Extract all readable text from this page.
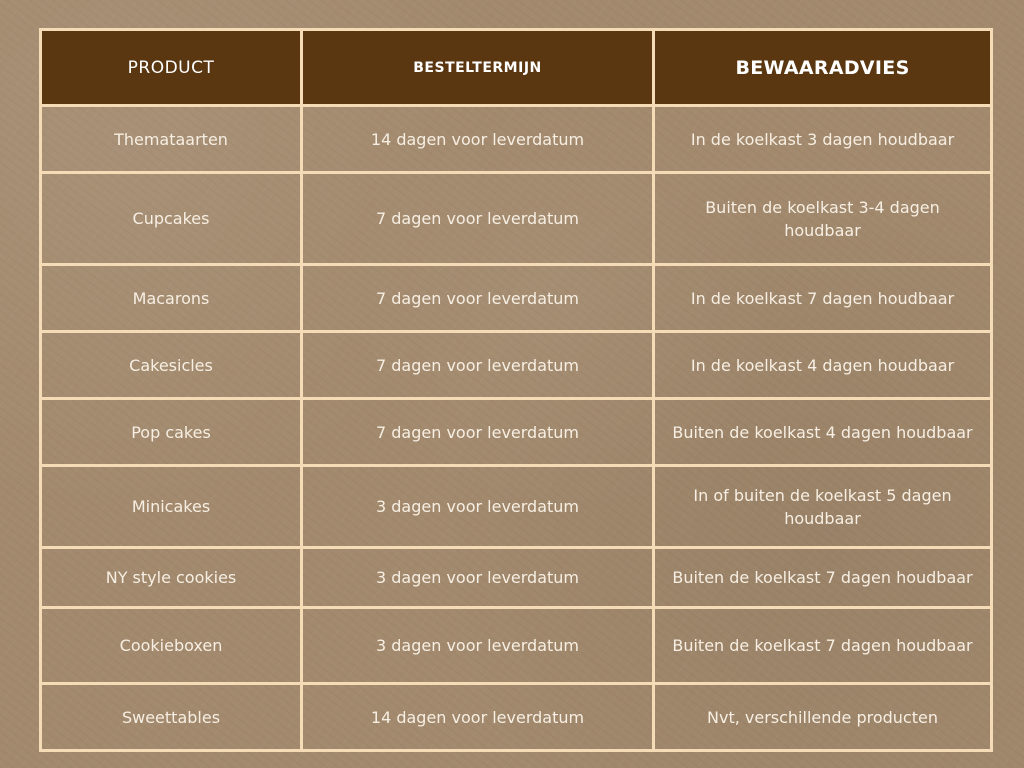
PRODUCT	BESTELTERMIJN	BEWAARADVIES
Themataarten	14 dagen voor leverdatum	In de koelkast 3 dagen houdbaar
Cupcakes	7 dagen voor leverdatum	Buiten de koelkast 3-4 dagen houdbaar
Macarons	7 dagen voor leverdatum	In de koelkast 7 dagen houdbaar
Cakesicles	7 dagen voor leverdatum	In de koelkast 4 dagen houdbaar
Pop cakes	7 dagen voor leverdatum	Buiten de koelkast 4 dagen houdbaar
Minicakes	3 dagen voor leverdatum	In of buiten de koelkast 5 dagen houdbaar
NY style cookies	3 dagen voor leverdatum	Buiten de koelkast 7 dagen houdbaar
Cookieboxen	3 dagen voor leverdatum	Buiten de koelkast 7 dagen houdbaar
Sweettables	14 dagen voor leverdatum	Nvt, verschillende producten
